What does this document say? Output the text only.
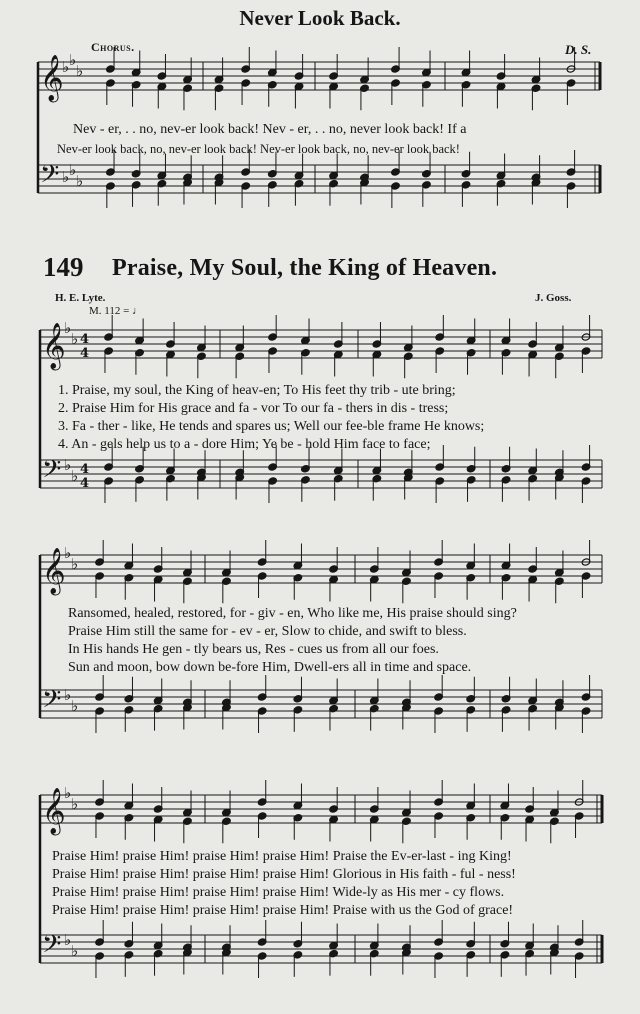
Never Look Back.
Chorus.	D. S.
Nev - er, . . no, nev-er look back! Nev - er, . . no, never look back! If a
Nev-er look back, no, nev-er look back! Nev-er look back, no, nev-er look back!
149 Praise, My Soul, the King of Heaven.
H. E. Lyte.	J. Goss.
M. 112 = ♩
1. Praise, my soul, the King of heav-en; To His feet thy trib - ute bring;
2. Praise Him for His grace and fa - vor To our fa - thers in dis - tress;
3. Fa - ther - like, He tends and spares us; Well our fee-ble frame He knows;
4. An - gels help us to a - dore Him; Ye be - hold Him face to face;
Ransomed, healed, restored, for - giv - en, Who like me, His praise should sing?
Praise Him still the same for - ev - er, Slow to chide, and swift to bless.
In His hands He gen - tly bears us, Res - cues us from all our foes.
Sun and moon, bow down be-fore Him, Dwell-ers all in time and space.
Praise Him! praise Him! praise Him! praise Him! Praise the Ev-er-last - ing King!
Praise Him! praise Him! praise Him! praise Him! Glorious in His faith - ful - ness!
Praise Him! praise Him! praise Him! praise Him! Wide-ly as His mer - cy flows.
Praise Him! praise Him! praise Him! praise Him! Praise with us the God of grace!
𝄞
𝄢
♭ ♭
♭
♭ ♭
♭
𝄞
𝄢
♭
♭
♭
♭
4
4
4
4
𝄞
𝄢
♭
♭
♭
♭
𝄞
𝄢
♭
♭
♭
♭
